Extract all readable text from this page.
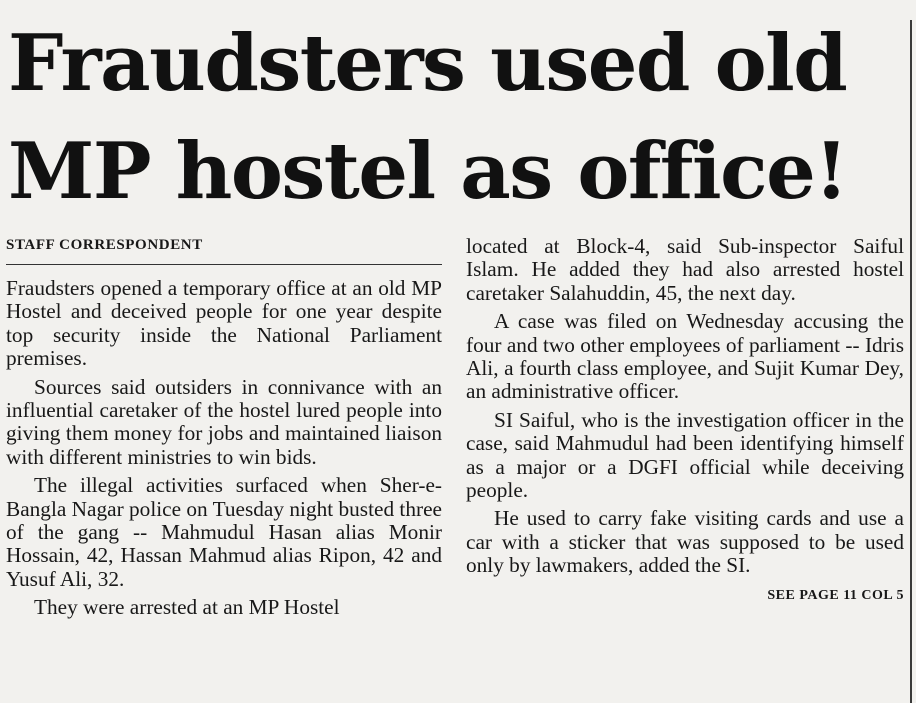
Fraudsters used old
MP hostel as office!
STAFF CORRESPONDENT

Fraudsters opened a temporary office at an old MP Hostel and deceived people for one year despite top security inside the National Parliament premises.

Sources said outsiders in connivance with an influential caretaker of the hostel lured people into giving them money for jobs and maintained liaison with different ministries to win bids.

The illegal activities surfaced when Sher-e-Bangla Nagar police on Tuesday night busted three of the gang -- Mahmudul Hasan alias Monir Hossain, 42, Hassan Mahmud alias Ripon, 42 and Yusuf Ali, 32.

They were arrested at an MP Hostel

located at Block-4, said Sub-inspector Saiful Islam. He added they had also arrested hostel caretaker Salahuddin, 45, the next day.

A case was filed on Wednesday accusing the four and two other employees of parliament -- Idris Ali, a fourth class employee, and Sujit Kumar Dey, an administrative officer.

SI Saiful, who is the investigation officer in the case, said Mahmudul had been identifying himself as a major or a DGFI official while deceiving people.

He used to carry fake visiting cards and use a car with a sticker that was supposed to be used only by lawmakers, added the SI.

SEE PAGE 11 COL 5
